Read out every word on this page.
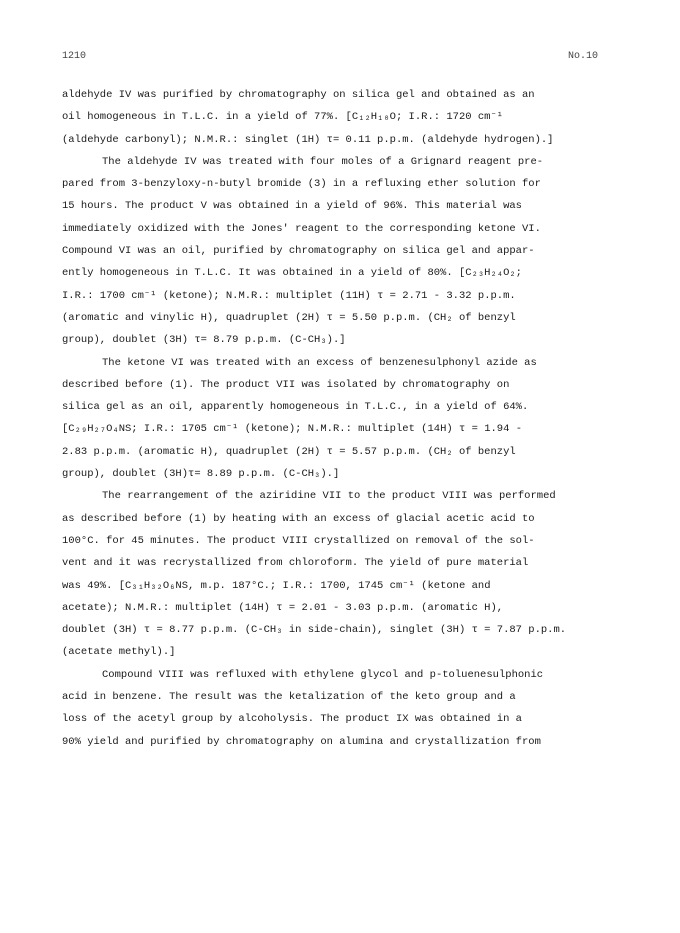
1210	No.10
aldehyde IV was purified by chromatography on silica gel and obtained as an
oil homogeneous in T.L.C. in a yield of 77%. [C₁₂H₁₀O; I.R.: 1720 cm⁻¹
(aldehyde carbonyl); N.M.R.: singlet (1H) τ= 0.11 p.p.m. (aldehyde hydrogen).]
The aldehyde IV was treated with four moles of a Grignard reagent pre-
pared from 3-benzyloxy-n-butyl bromide (3) in a refluxing ether solution for
15 hours. The product V was obtained in a yield of 96%. This material was
immediately oxidized with the Jones' reagent to the corresponding ketone VI.
Compound VI was an oil, purified by chromatography on silica gel and appar-
ently homogeneous in T.L.C. It was obtained in a yield of 80%. [C₂₃H₂₄O₂;
I.R.: 1700 cm⁻¹ (ketone); N.M.R.: multiplet (11H) τ = 2.71 - 3.32 p.p.m.
(aromatic and vinylic H), quadruplet (2H) τ = 5.50 p.p.m. (CH₂ of benzyl
group), doublet (3H) τ= 8.79 p.p.m. (C-CH₃).]
The ketone VI was treated with an excess of benzenesulphonyl azide as
described before (1). The product VII was isolated by chromatography on
silica gel as an oil, apparently homogeneous in T.L.C., in a yield of 64%.
[C₂₉H₂₇O₄NS; I.R.: 1705 cm⁻¹ (ketone); N.M.R.: multiplet (14H) τ = 1.94 -
2.83 p.p.m. (aromatic H), quadruplet (2H) τ = 5.57 p.p.m. (CH₂ of benzyl
group), doublet (3H)τ= 8.89 p.p.m. (C-CH₃).]
The rearrangement of the aziridine VII to the product VIII was performed
as described before (1) by heating with an excess of glacial acetic acid to
100°C. for 45 minutes. The product VIII crystallized on removal of the sol-
vent and it was recrystallized from chloroform. The yield of pure material
was 49%. [C₃₁H₃₂O₆NS, m.p. 187°C.; I.R.: 1700, 1745 cm⁻¹ (ketone and
acetate); N.M.R.: multiplet (14H) τ = 2.01 - 3.03 p.p.m. (aromatic H),
doublet (3H) τ = 8.77 p.p.m. (C-CH₃ in side-chain), singlet (3H) τ = 7.87 p.p.m.
(acetate methyl).]
Compound VIII was refluxed with ethylene glycol and p-toluenesulphonic
acid in benzene. The result was the ketalization of the keto group and a
loss of the acetyl group by alcoholysis. The product IX was obtained in a
90% yield and purified by chromatography on alumina and crystallization from
